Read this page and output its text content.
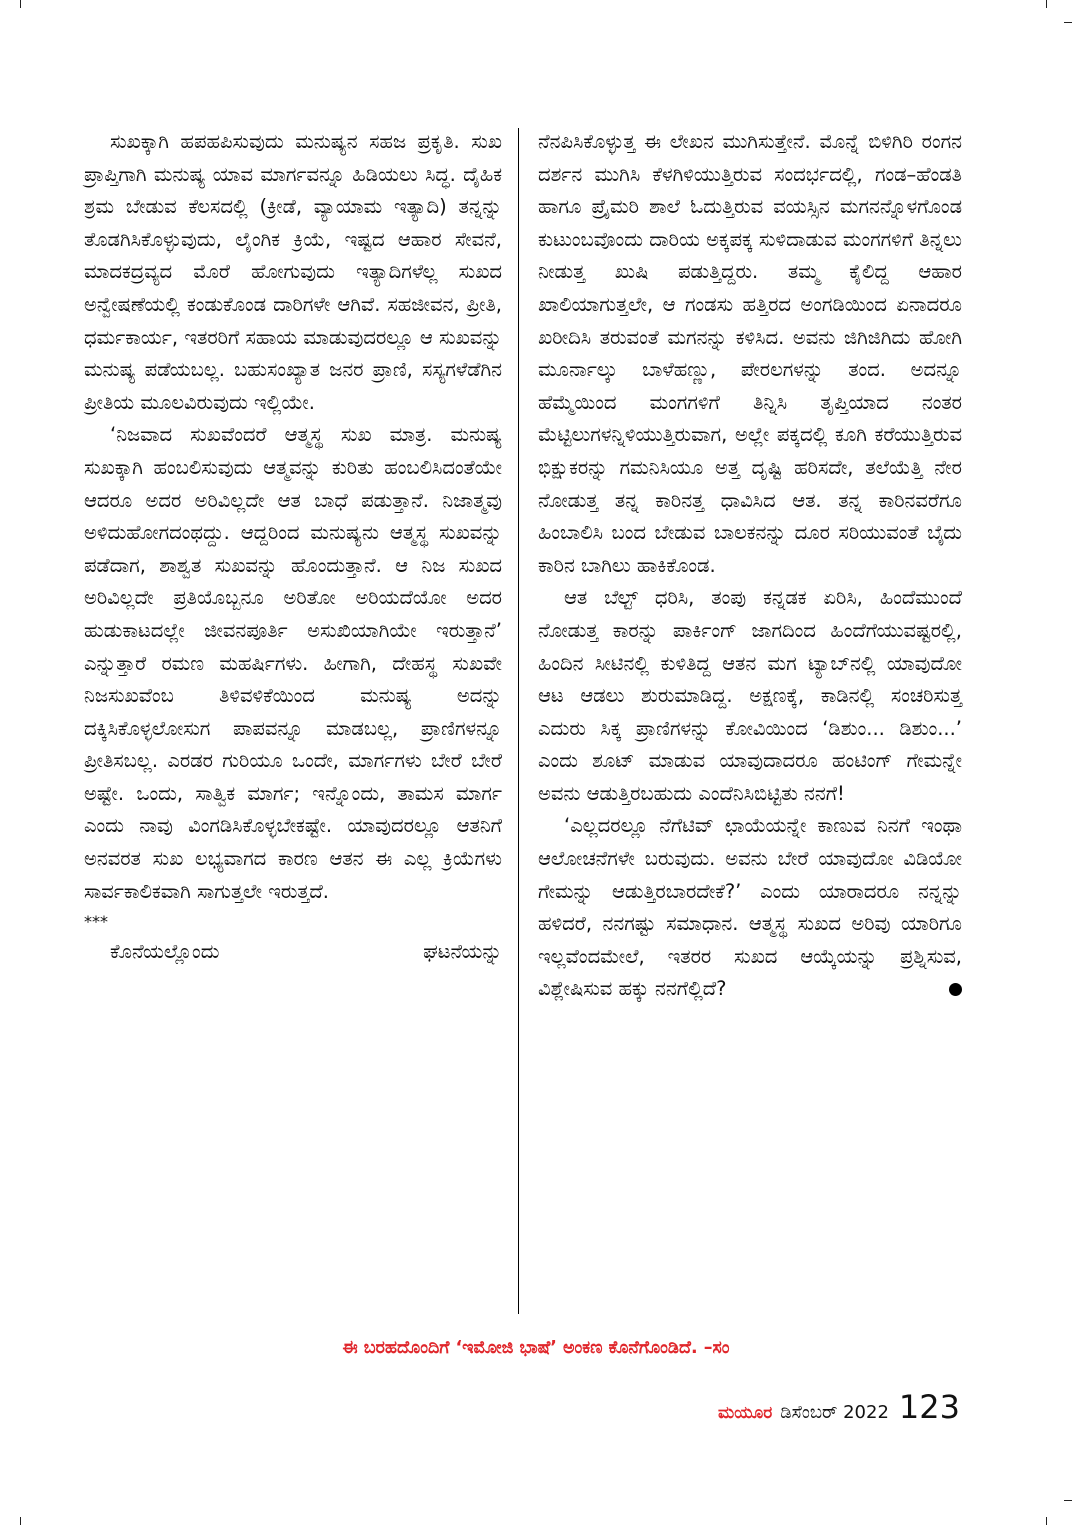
ಸುಖಕ್ಕಾಗಿ ಹಪಹಪಿಸುವುದು ಮನುಷ್ಯನ ಸಹಜ ಪ್ರಕೃತಿ. ಸುಖ ಪ್ರಾಪ್ತಿಗಾಗಿ ಮನುಷ್ಯ ಯಾವ ಮಾರ್ಗವನ್ನೂ ಹಿಡಿಯಲು ಸಿದ್ಧ. ದೈಹಿಕ ಶ್ರಮ ಬೇಡುವ ಕೆಲಸದಲ್ಲಿ (ಕ್ರೀಡೆ, ವ್ಯಾಯಾಮ ಇತ್ಯಾದಿ) ತನ್ನನ್ನು ತೊಡಗಿಸಿಕೊಳ್ಳುವುದು, ಲೈಂಗಿಕ ಕ್ರಿಯೆ, ಇಷ್ಟದ ಆಹಾರ ಸೇವನೆ, ಮಾದಕದ್ರವ್ಯದ ಮೊರೆ ಹೋಗುವುದು ಇತ್ಯಾದಿಗಳೆಲ್ಲ ಸುಖದ ಅನ್ವೇಷಣೆಯಲ್ಲಿ ಕಂಡುಕೊಂಡ ದಾರಿಗಳೇ ಆಗಿವೆ. ಸಹಜೀವನ, ಪ್ರೀತಿ, ಧರ್ಮಕಾರ್ಯ, ಇತರರಿಗೆ ಸಹಾಯ ಮಾಡುವುದರಲ್ಲೂ ಆ ಸುಖವನ್ನು ಮನುಷ್ಯ ಪಡೆಯಬಲ್ಲ. ಬಹುಸಂಖ್ಯಾತ ಜನರ ಪ್ರಾಣಿ, ಸಸ್ಯಗಳೆಡೆಗಿನ ಪ್ರೀತಿಯ ಮೂಲವಿರುವುದು ಇಲ್ಲಿಯೇ.

‘ನಿಜವಾದ ಸುಖವೆಂದರೆ ಆತ್ಮಸ್ಥ ಸುಖ ಮಾತ್ರ. ಮನುಷ್ಯ ಸುಖಕ್ಕಾಗಿ ಹಂಬಲಿಸುವುದು ಆತ್ಮವನ್ನು ಕುರಿತು ಹಂಬಲಿಸಿದಂತೆಯೇ ಆದರೂ ಅದರ ಅರಿವಿಲ್ಲದೇ ಆತ ಬಾಧೆ ಪಡುತ್ತಾನೆ. ನಿಜಾತ್ಮವು ಅಳಿದುಹೋಗದಂಥದ್ದು. ಆದ್ದರಿಂದ ಮನುಷ್ಯನು ಆತ್ಮಸ್ಥ ಸುಖವನ್ನು ಪಡೆದಾಗ, ಶಾಶ್ವತ ಸುಖವನ್ನು ಹೊಂದುತ್ತಾನೆ. ಆ ನಿಜ ಸುಖದ ಅರಿವಿಲ್ಲದೇ ಪ್ರತಿಯೊಬ್ಬನೂ ಅರಿತೋ ಅರಿಯದೆಯೋ ಅದರ ಹುಡುಕಾಟದಲ್ಲೇ ಜೀವನಪೂರ್ತಿ ಅಸುಖಿಯಾಗಿಯೇ ಇರುತ್ತಾನೆ’ ಎನ್ನುತ್ತಾರೆ ರಮಣ ಮಹರ್ಷಿಗಳು. ಹೀಗಾಗಿ, ದೇಹಸ್ಥ ಸುಖವೇ ನಿಜಸುಖವೆಂಬ ತಿಳಿವಳಿಕೆಯಿಂದ ಮನುಷ್ಯ ಅದನ್ನು ದಕ್ಕಿಸಿಕೊಳ್ಳಲೋಸುಗ ಪಾಪವನ್ನೂ ಮಾಡಬಲ್ಲ, ಪ್ರಾಣಿಗಳನ್ನೂ ಪ್ರೀತಿಸಬಲ್ಲ. ಎರಡರ ಗುರಿಯೂ ಒಂದೇ, ಮಾರ್ಗಗಳು ಬೇರೆ ಬೇರೆ ಅಷ್ಟೇ. ಒಂದು, ಸಾತ್ವಿಕ ಮಾರ್ಗ; ಇನ್ನೊಂದು, ತಾಮಸ ಮಾರ್ಗ ಎಂದು ನಾವು ವಿಂಗಡಿಸಿಕೊಳ್ಳಬೇಕಷ್ಟೇ. ಯಾವುದರಲ್ಲೂ ಆತನಿಗೆ ಅನವರತ ಸುಖ ಲಭ್ಯವಾಗದ ಕಾರಣ ಆತನ ಈ ಎಲ್ಲ ಕ್ರಿಯೆಗಳು ಸಾರ್ವಕಾಲಿಕವಾಗಿ ಸಾಗುತ್ತಲೇ ಇರುತ್ತದೆ.

***

ಕೊನೆಯಲ್ಲೊಂದು	ಘಟನೆಯನ್ನು

ನೆನಪಿಸಿಕೊಳ್ಳುತ್ತ ಈ ಲೇಖನ ಮುಗಿಸುತ್ತೇನೆ. ಮೊನ್ನೆ ಬಿಳಿಗಿರಿ ರಂಗನ ದರ್ಶನ ಮುಗಿಸಿ ಕೆಳಗಿಳಿಯುತ್ತಿರುವ ಸಂದರ್ಭದಲ್ಲಿ, ಗಂಡ–ಹೆಂಡತಿ ಹಾಗೂ ಪ್ರೈಮರಿ ಶಾಲೆ ಓದುತ್ತಿರುವ ವಯಸ್ಸಿನ ಮಗನನ್ನೊಳಗೊಂಡ ಕುಟುಂಬವೊಂದು ದಾರಿಯ ಅಕ್ಕಪಕ್ಕ ಸುಳಿದಾಡುವ ಮಂಗಗಳಿಗೆ ತಿನ್ನಲು ನೀಡುತ್ತ ಖುಷಿ ಪಡುತ್ತಿದ್ದರು. ತಮ್ಮ ಕೈಲಿದ್ದ ಆಹಾರ ಖಾಲಿಯಾಗುತ್ತಲೇ, ಆ ಗಂಡಸು ಹತ್ತಿರದ ಅಂಗಡಿಯಿಂದ ಏನಾದರೂ ಖರೀದಿಸಿ ತರುವಂತೆ ಮಗನನ್ನು ಕಳಿಸಿದ. ಅವನು ಜಿಗಿಜಿಗಿದು ಹೋಗಿ ಮೂರ್ನಾಲ್ಕು ಬಾಳೆಹಣ್ಣು, ಪೇರಲಗಳನ್ನು ತಂದ. ಅದನ್ನೂ ಹೆಮ್ಮೆಯಿಂದ ಮಂಗಗಳಿಗೆ ತಿನ್ನಿಸಿ ತೃಪ್ತಿಯಾದ ನಂತರ ಮೆಟ್ಟಿಲುಗಳನ್ನಿಳಿಯುತ್ತಿರುವಾಗ, ಅಲ್ಲೇ ಪಕ್ಕದಲ್ಲಿ ಕೂಗಿ ಕರೆಯುತ್ತಿರುವ ಭಿಕ್ಷುಕರನ್ನು ಗಮನಿಸಿಯೂ ಅತ್ತ ದೃಷ್ಟಿ ಹರಿಸದೇ, ತಲೆಯೆತ್ತಿ ನೇರ ನೋಡುತ್ತ ತನ್ನ ಕಾರಿನತ್ತ ಧಾವಿಸಿದ ಆತ. ತನ್ನ ಕಾರಿನವರೆಗೂ ಹಿಂಬಾಲಿಸಿ ಬಂದ ಬೇಡುವ ಬಾಲಕನನ್ನು ದೂರ ಸರಿಯುವಂತೆ ಬೈದು ಕಾರಿನ ಬಾಗಿಲು ಹಾಕಿಕೊಂಡ.

ಆತ ಬೆಲ್ಟ್ ಧರಿಸಿ, ತಂಪು ಕನ್ನಡಕ ಏರಿಸಿ, ಹಿಂದೆಮುಂದೆ ನೋಡುತ್ತ ಕಾರನ್ನು ಪಾರ್ಕಿಂಗ್ ಜಾಗದಿಂದ ಹಿಂದೆಗೆಯುವಷ್ಟರಲ್ಲಿ, ಹಿಂದಿನ ಸೀಟಿನಲ್ಲಿ ಕುಳಿತಿದ್ದ ಆತನ ಮಗ ಟ್ಯಾಬ್‌ನಲ್ಲಿ ಯಾವುದೋ ಆಟ ಆಡಲು ಶುರುಮಾಡಿದ್ದ. ಅಕ್ಷಣಕ್ಕೆ, ಕಾಡಿನಲ್ಲಿ ಸಂಚರಿಸುತ್ತ ಎದುರು ಸಿಕ್ಕ ಪ್ರಾಣಿಗಳನ್ನು ಕೋವಿಯಿಂದ ‘ಡಿಶುಂ... ಡಿಶುಂ...’ ಎಂದು ಶೂಟ್ ಮಾಡುವ ಯಾವುದಾದರೂ ಹಂಟಿಂಗ್ ಗೇಮನ್ನೇ ಅವನು ಆಡುತ್ತಿರಬಹುದು ಎಂದೆನಿಸಿಬಿಟ್ಟಿತು ನನಗೆ!

‘ಎಲ್ಲದರಲ್ಲೂ ನೆಗೆಟಿವ್ ಛಾಯೆಯನ್ನೇ ಕಾಣುವ ನಿನಗೆ ಇಂಥಾ ಆಲೋಚನೆಗಳೇ ಬರುವುದು. ಅವನು ಬೇರೆ ಯಾವುದೋ ವಿಡಿಯೋ ಗೇಮನ್ನು ಆಡುತ್ತಿರಬಾರದೇಕೆ?’ ಎಂದು ಯಾರಾದರೂ ನನ್ನನ್ನು ಹಳಿದರೆ, ನನಗಷ್ಟು ಸಮಾಧಾನ. ಆತ್ಮಸ್ಥ ಸುಖದ ಅರಿವು ಯಾರಿಗೂ ಇಲ್ಲವೆಂದಮೇಲೆ, ಇತರರ ಸುಖದ ಆಯ್ಕೆಯನ್ನು ಪ್ರಶ್ನಿಸುವ, ವಿಶ್ಲೇಷಿಸುವ ಹಕ್ಕು ನನಗೆಲ್ಲಿದೆ?

ಈ ಬರಹದೊಂದಿಗೆ ‘ಇಮೋಜಿ ಭಾಷೆ’ ಅಂಕಣ ಕೊನೆಗೊಂಡಿದೆ. –ಸಂ
ಮಯೂರ ಡಿಸೆಂಬರ್ 2022 123
